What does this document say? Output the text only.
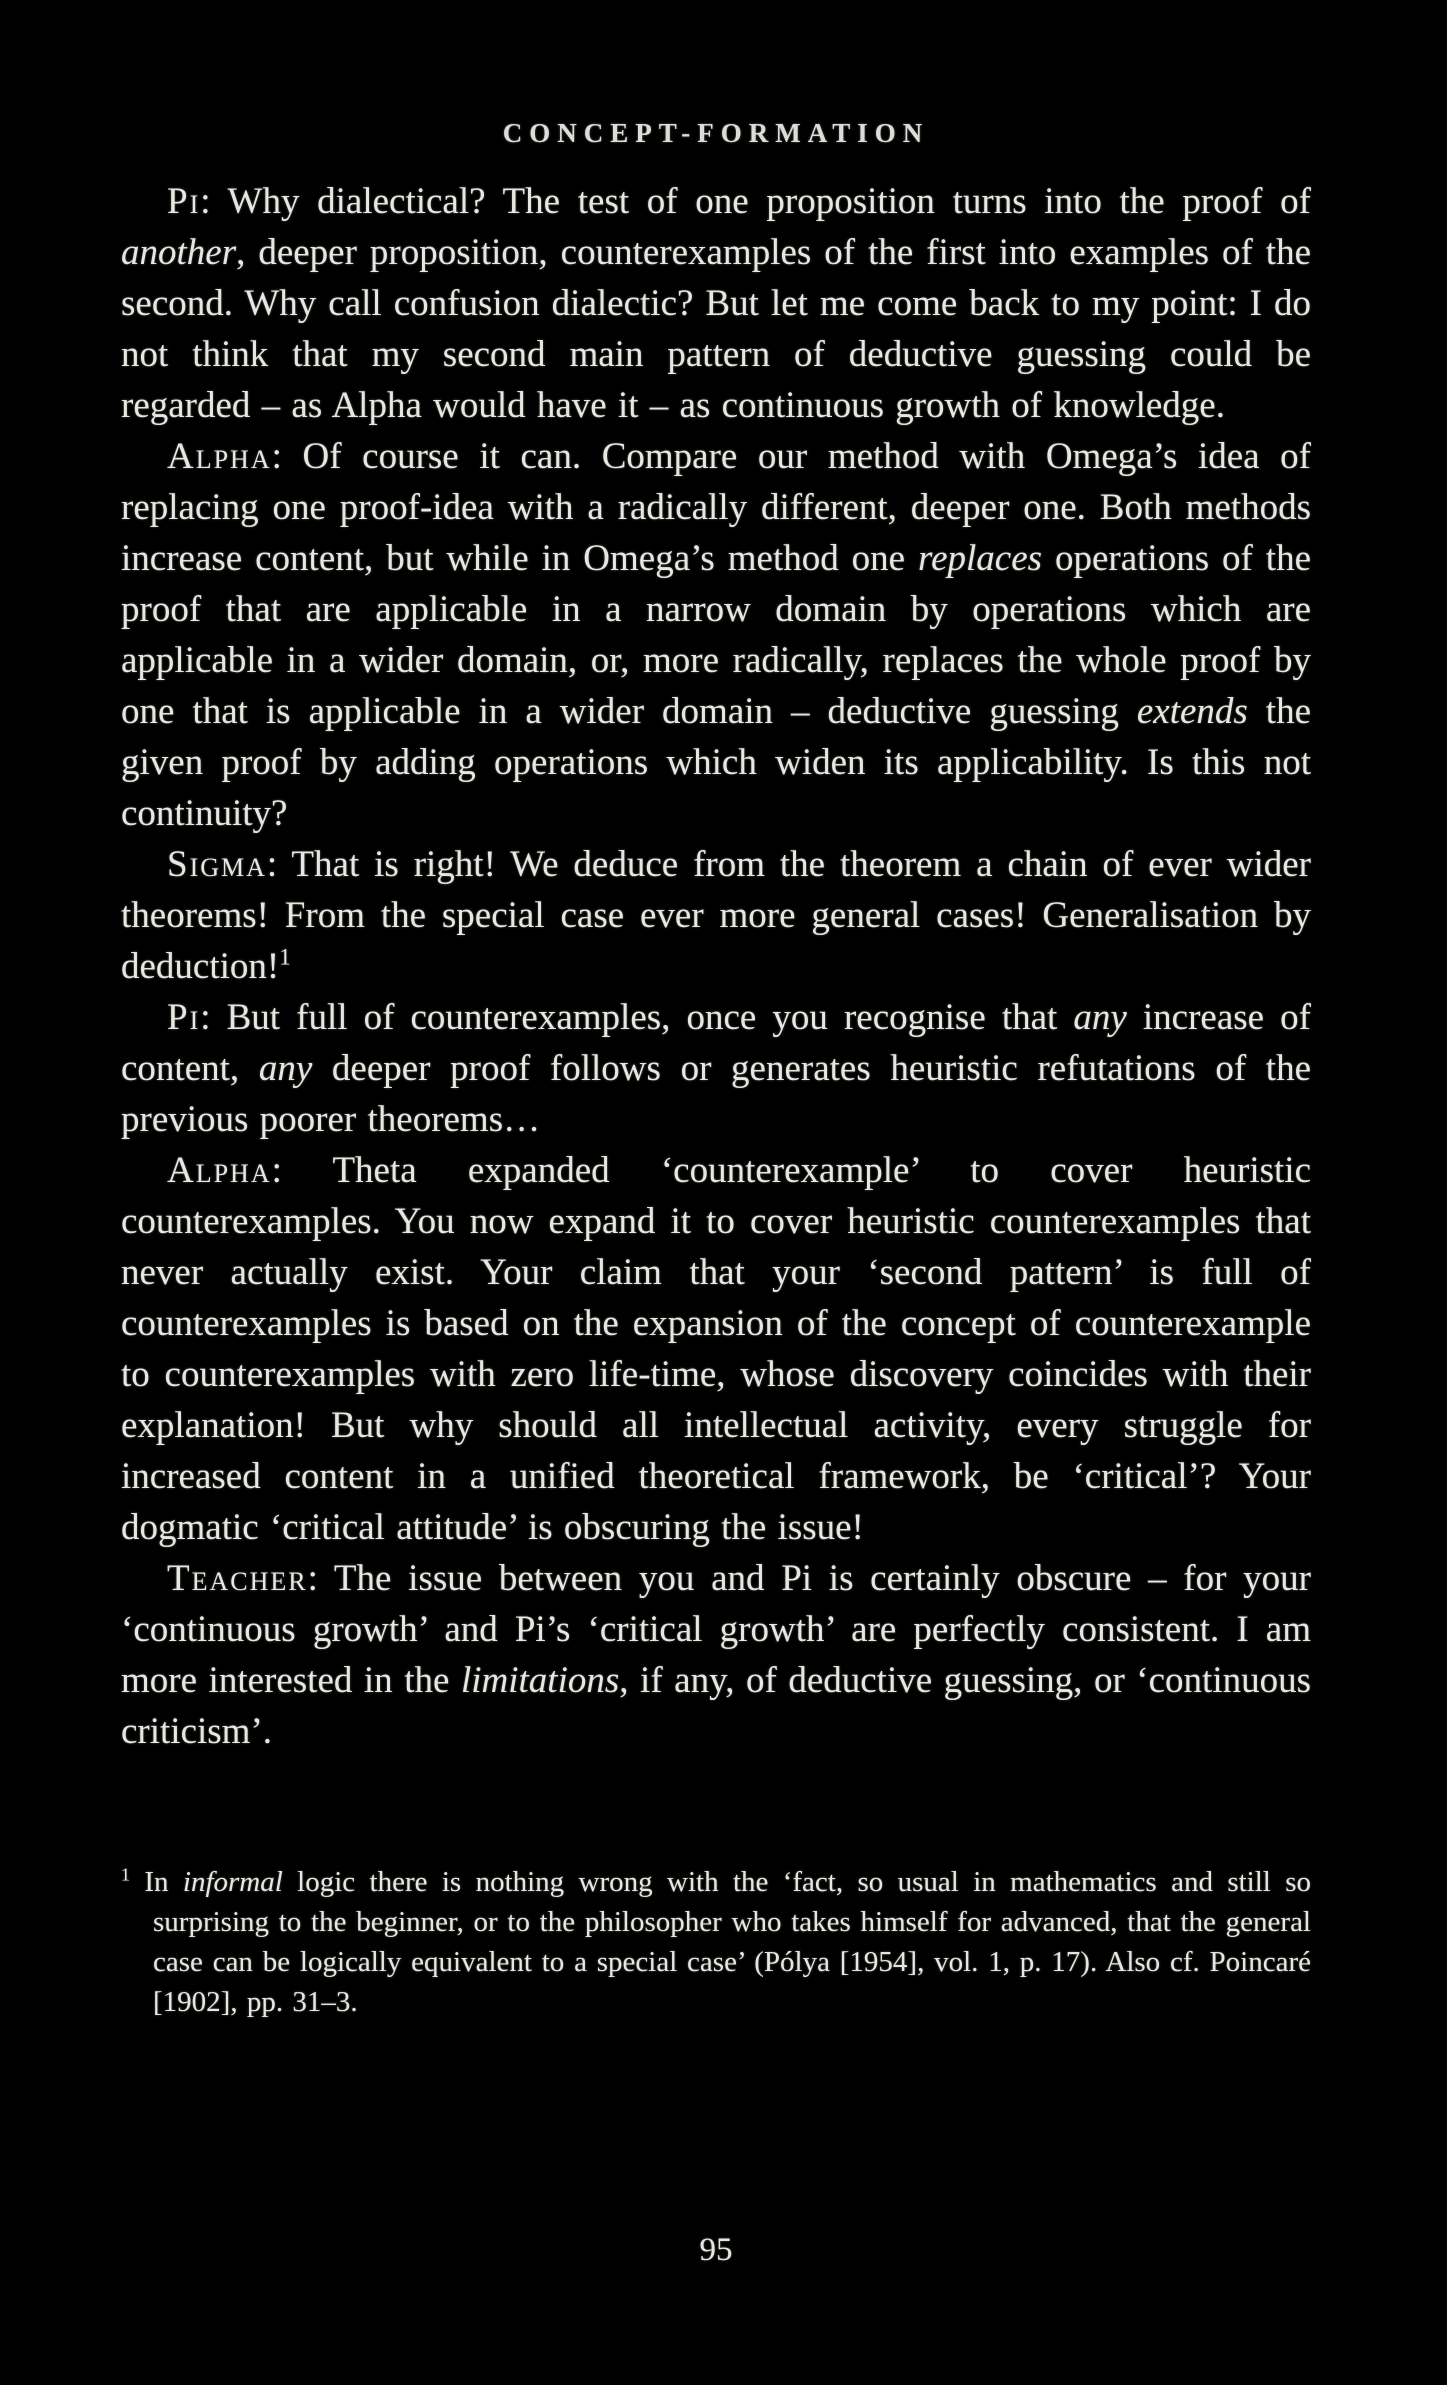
CONCEPT-FORMATION

Pi: Why dialectical? The test of one proposition turns into the proof of another, deeper proposition, counterexamples of the first into examples of the second. Why call confusion dialectic? But let me come back to my point: I do not think that my second main pattern of deductive guessing could be regarded – as Alpha would have it – as continuous growth of knowledge.

Alpha: Of course it can. Compare our method with Omega’s idea of replacing one proof-idea with a radically different, deeper one. Both methods increase content, but while in Omega’s method one replaces operations of the proof that are applicable in a narrow domain by operations which are applicable in a wider domain, or, more radically, replaces the whole proof by one that is applicable in a wider domain – deductive guessing extends the given proof by adding operations which widen its applicability. Is this not continuity?

Sigma: That is right! We deduce from the theorem a chain of ever wider theorems! From the special case ever more general cases! Generalisation by deduction!$^1$

Pi: But full of counterexamples, once you recognise that any increase of content, any deeper proof follows or generates heuristic refutations of the previous poorer theorems…

Alpha: Theta expanded ‘counterexample’ to cover heuristic counterexamples. You now expand it to cover heuristic counterexamples that never actually exist. Your claim that your ‘second pattern’ is full of counterexamples is based on the expansion of the concept of counterexample to counterexamples with zero life-time, whose discovery coincides with their explanation! But why should all intellectual activity, every struggle for increased content in a unified theoretical framework, be ‘critical’? Your dogmatic ‘critical attitude’ is obscuring the issue!

Teacher: The issue between you and Pi is certainly obscure – for your ‘continuous growth’ and Pi’s ‘critical growth’ are perfectly consistent. I am more interested in the limitations, if any, of deductive guessing, or ‘continuous criticism’.

$^1$ In informal logic there is nothing wrong with the ‘fact, so usual in mathematics and still so surprising to the beginner, or to the philosopher who takes himself for advanced, that the general case can be logically equivalent to a special case’ (Pólya [1954], vol. 1, p. 17). Also cf. Poincaré [1902], pp. 31–3.

95
